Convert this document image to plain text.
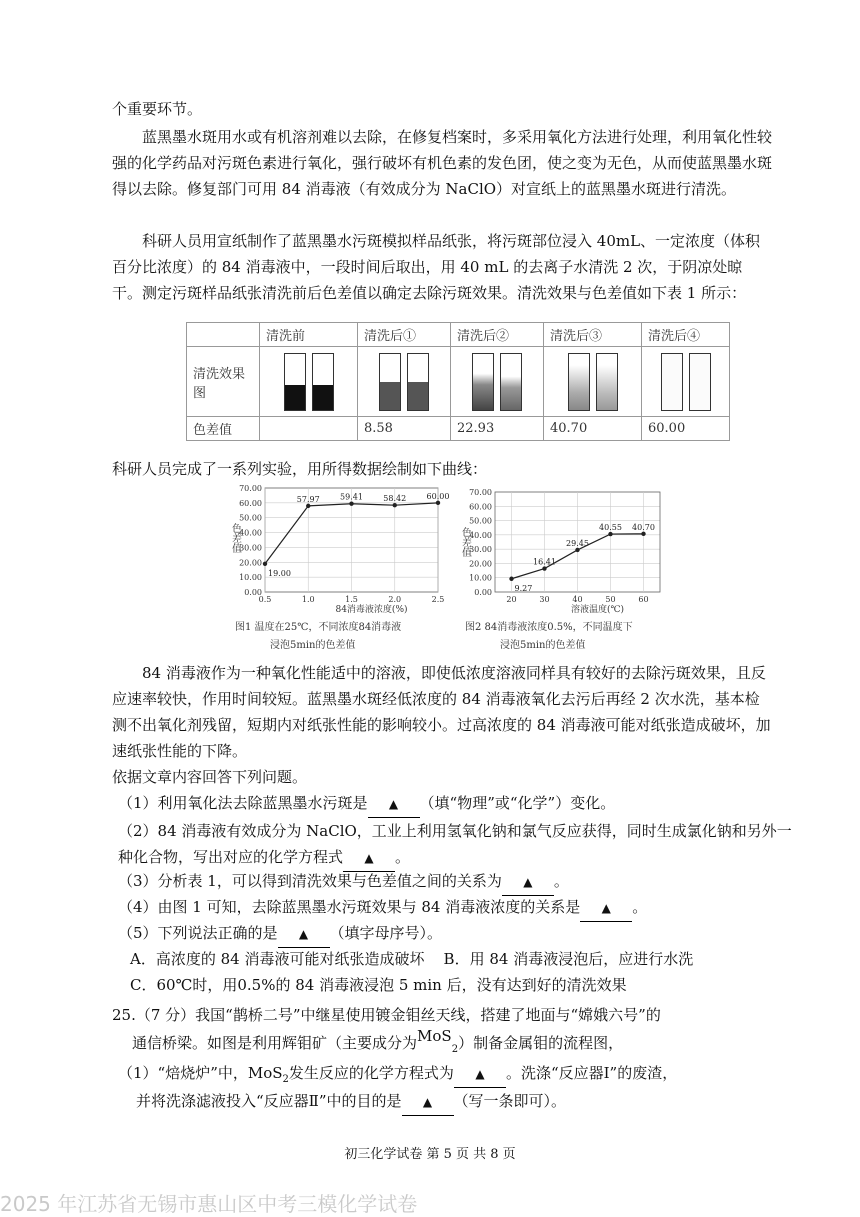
个重要环节。

蓝黑墨水斑用水或有机溶剂难以去除，在修复档案时，多采用氧化方法进行处理，利用氧化性较强的化学药品对污斑色素进行氧化，强行破坏有机色素的发色团，使之变为无色，从而使蓝黑墨水斑得以去除。修复部门可用 84 消毒液（有效成分为 NaClO）对宣纸上的蓝黑墨水斑进行清洗。

科研人员用宣纸制作了蓝黑墨水污斑模拟样品纸张，将污斑部位浸入 40mL、一定浓度（体积百分比浓度）的 84 消毒液中，一段时间后取出，用 40 mL 的去离子水清洗 2 次，于阴凉处晾干。测定污斑样品纸张清洗前后色差值以确定去除污斑效果。清洗效果与色差值如下表 1 所示：

	清洗前	清洗后①	清洗后②	清洗后③	清洗后④
清洗效果图					
色差值		8.58	22.93	40.70	60.00

科研人员完成了一系列实验，用所得数据绘制如下曲线：

0.00
10.00
20.00
30.00
40.00
50.00
60.00
70.00
0.5	1.0	1.5	2.0	2.5
84消毒液浓度(%)
色差值
19.00
57.97	59.41	58.42	60.00
图1 温度在25℃，不同浓度84消毒液
浸泡5min的色差值
0.00
10.00
20.00
30.00
40.00
50.00
60.00
70.00
20	30	40	50	60
溶液温度(℃)
色差值
9.27
16.41
29.45
40.55 40.70
图2 84消毒液浓度0.5%，不同温度下
浸泡5min的色差值

84 消毒液作为一种氧化性能适中的溶液，即使低浓度溶液同样具有较好的去除污斑效果，且反应速率较快，作用时间较短。蓝黑墨水斑经低浓度的 84 消毒液氧化去污后再经 2 次水洗，基本检测不出氧化剂残留，短期内对纸张性能的影响较小。过高浓度的 84 消毒液可能对纸张造成破坏，加速纸张性能的下降。

依据文章内容回答下列问题。

（1）利用氧化法去除蓝黑墨水污斑是 ▲ （填“物理”或“化学”）变化。

（2）84 消毒液有效成分为 NaClO，工业上利用氢氧化钠和氯气反应获得，同时生成氯化钠和另外一种化合物，写出对应的化学方程式 ▲ 。

（3）分析表 1，可以得到清洗效果与色差值之间的关系为 ▲ 。

（4）由图 1 可知，去除蓝黑墨水污斑效果与 84 消毒液浓度的关系是 ▲ 。

（5）下列说法正确的是 ▲ （填字母序号）。

A．高浓度的 84 消毒液可能对纸张造成破坏 B．用 84 消毒液浸泡后，应进行水洗

C．60℃时，用0.5%的 84 消毒液浸泡 5 min 后，没有达到好的清洗效果

25.（7 分）我国“鹊桥二号”中继星使用镀金钼丝天线，搭建了地面与“嫦娥六号”的

通信桥梁。如图是利用辉钼矿（主要成分为MoS$_2$）制备金属钼的流程图，

（1）“焙烧炉”中，MoS$_2$发生反应的化学方程式为 ▲ 。洗涤“反应器Ⅰ”的废渣，

并将洗涤滤液投入“反应器Ⅱ”中的目的是 ▲ （写一条即可）。

初三化学试卷 第 5 页 共 8 页
2025 年江苏省无锡市惠山区中考三模化学试卷
